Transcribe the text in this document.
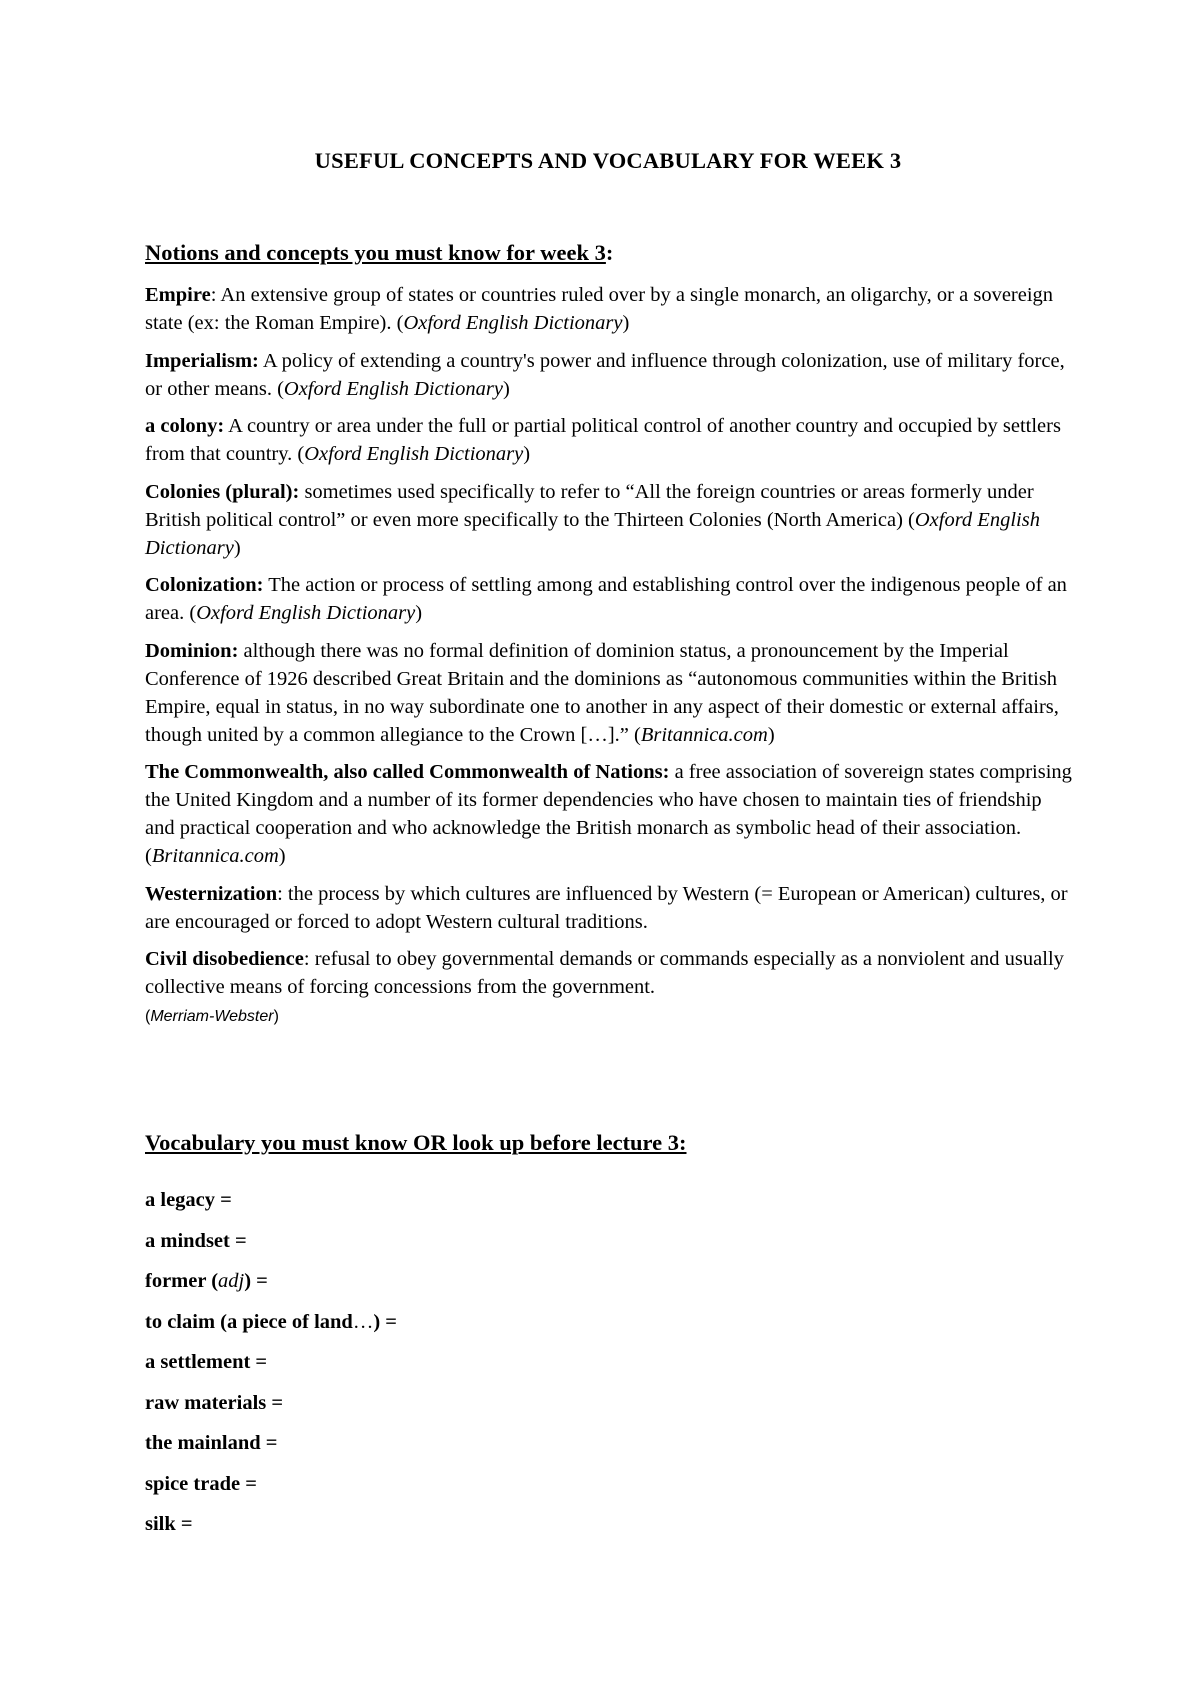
USEFUL CONCEPTS AND VOCABULARY FOR WEEK 3
Notions and concepts you must know for week 3:
Empire: An extensive group of states or countries ruled over by a single monarch, an oligarchy, or a sovereign state (ex: the Roman Empire). (Oxford English Dictionary)
Imperialism: A policy of extending a country's power and influence through colonization, use of military force, or other means. (Oxford English Dictionary)
a colony: A country or area under the full or partial political control of another country and occupied by settlers from that country. (Oxford English Dictionary)
Colonies (plural): sometimes used specifically to refer to “All the foreign countries or areas formerly under British political control” or even more specifically to the Thirteen Colonies (North America) (Oxford English Dictionary)
Colonization: The action or process of settling among and establishing control over the indigenous people of an area. (Oxford English Dictionary)
Dominion: although there was no formal definition of dominion status, a pronouncement by the Imperial Conference of 1926 described Great Britain and the dominions as “autonomous communities within the British Empire, equal in status, in no way subordinate one to another in any aspect of their domestic or external affairs, though united by a common allegiance to the Crown […].” (Britannica.com)
The Commonwealth, also called Commonwealth of Nations: a free association of sovereign states comprising the United Kingdom and a number of its former dependencies who have chosen to maintain ties of friendship and practical cooperation and who acknowledge the British monarch as symbolic head of their association. (Britannica.com)
Westernization: the process by which cultures are influenced by Western (= European or American) cultures, or are encouraged or forced to adopt Western cultural traditions.
Civil disobedience: refusal to obey governmental demands or commands especially as a nonviolent and usually collective means of forcing concessions from the government.
(Merriam-Webster)
Vocabulary you must know OR look up before lecture 3:
a legacy =
a mindset =
former (adj) =
to claim (a piece of land…) =
a settlement =
raw materials =
the mainland =
spice trade =
silk =
